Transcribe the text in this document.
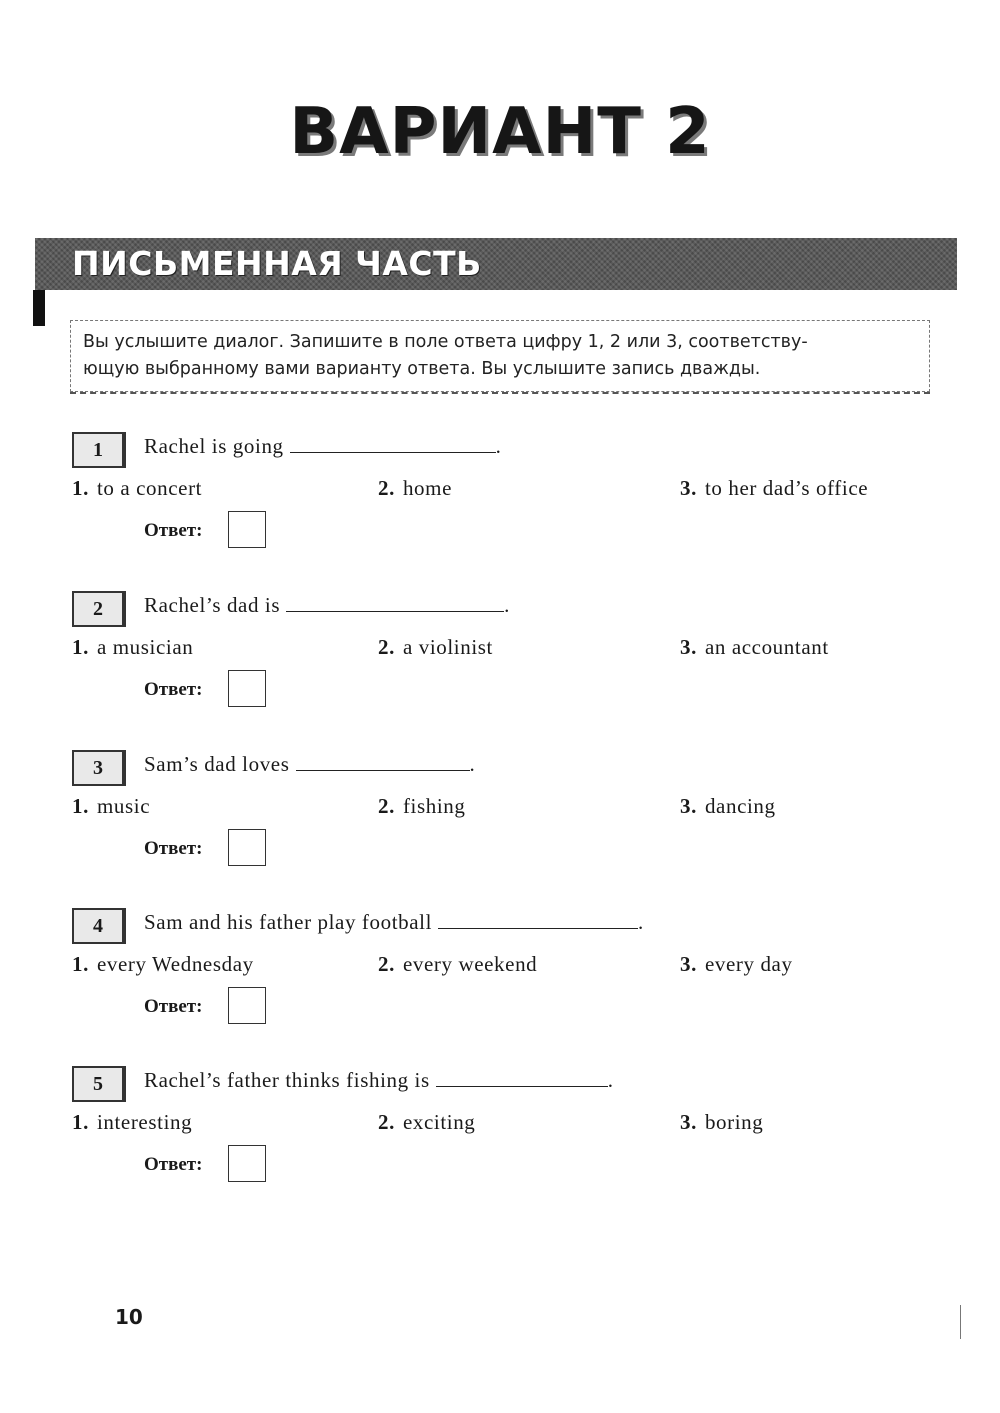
ВАРИАНТ 2
ПИСЬМЕННАЯ ЧАСТЬ
Вы услышите диалог. Запишите в поле ответа цифру 1, 2 или 3, соответству-
ющую выбранному вами варианту ответа. Вы услышите запись дважды.
1	Rachel is going	.
1. to a concert	2. home	3. to her dad’s office
Ответ:
2	Rachel’s dad is	.
1. a musician	2. a violinist	3. an accountant
Ответ:
3	Sam’s dad loves	.
1. music	2. fishing	3. dancing
Ответ:
4	Sam and his father play football	.
1. every Wednesday	2. every weekend	3. every day
Ответ:
5	Rachel’s father thinks fishing is	.
1. interesting	2. exciting	3. boring
Ответ:
10
